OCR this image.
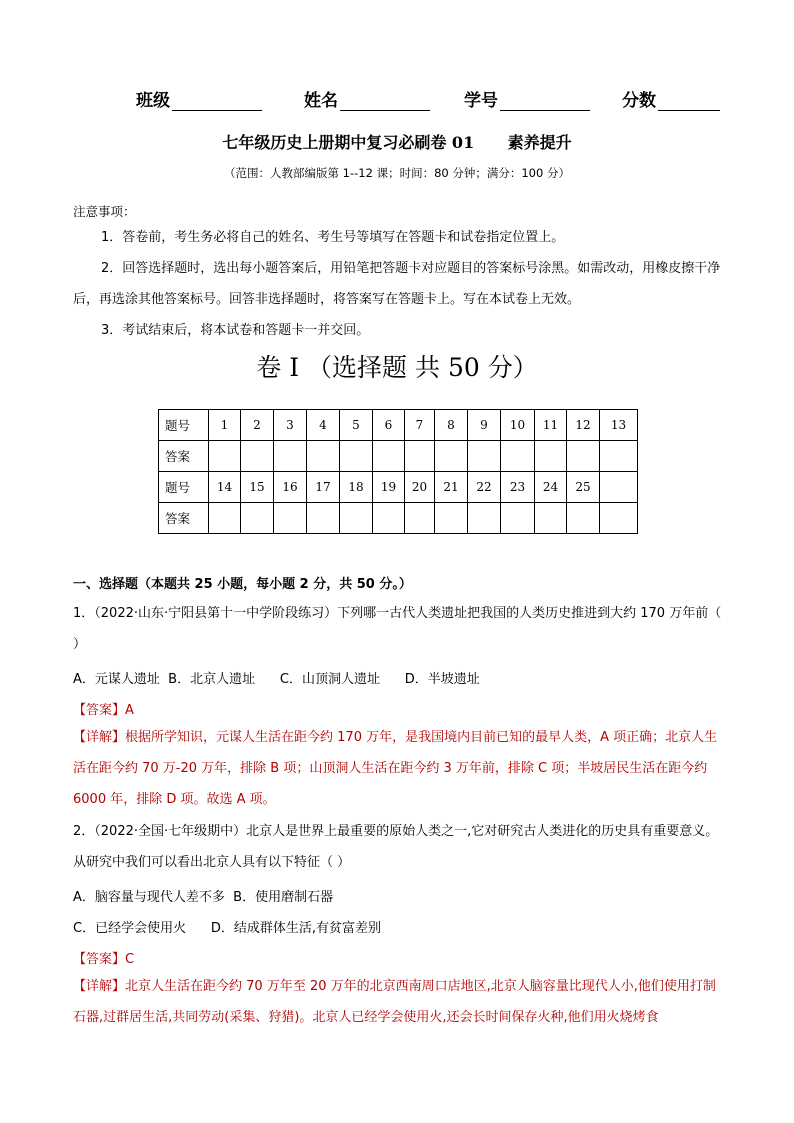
班级	姓名	学号	分数
七年级历史上册期中复习必刷卷 01      素养提升
（范围：人教部编版第 1--12 课；时间：80 分钟；满分：100 分）
注意事项：
1．答卷前，考生务必将自己的姓名、考生号等填写在答题卡和试卷指定位置上。
2．回答选择题时，选出每小题答案后，用铅笔把答题卡对应题目的答案标号涂黑。如需改动，用橡皮擦干净后，再选涂其他答案标号。回答非选择题时，将答案写在答题卡上。写在本试卷上无效。
3．考试结束后，将本试卷和答题卡一并交回。
卷 I （选择题 共 50 分）
题号	1	2	3	4	5	6	7	8	9	10	11	12	13
答案													
题号	14	15	16	17	18	19	20	21	22	23	24	25	
答案													
一、选择题（本题共 25 小题，每小题 2 分，共 50 分。）
1．（2022·山东·宁阳县第十一中学阶段练习）下列哪一古代人类遗址把我国的人类历史推进到大约 170 万年前（ ）
A．元谋人遗址  B．北京人遗址      C．山顶洞人遗址      D．半坡遗址
【答案】A
【详解】根据所学知识，元谋人生活在距今约 170 万年，是我国境内目前已知的最早人类，A 项正确；北京人生活在距今约 70 万-20 万年，排除 B 项；山顶洞人生活在距今约 3 万年前，排除 C 项；半坡居民生活在距今约 6000 年，排除 D 项。故选 A 项。
2．（2022·全国·七年级期中）北京人是世界上最重要的原始人类之一,它对研究古人类进化的历史具有重要意义。从研究中我们可以看出北京人具有以下特征（ ）
A．脑容量与现代人差不多  B．使用磨制石器
C．已经学会使用火      D．结成群体生活,有贫富差别
【答案】C
【详解】北京人生活在距今约 70 万年至 20 万年的北京西南周口店地区,北京人脑容量比现代人小,他们使用打制石器,过群居生活,共同劳动(采集、狩猎)。北京人已经学会使用火,还会长时间保存火种,他们用火烧烤食
